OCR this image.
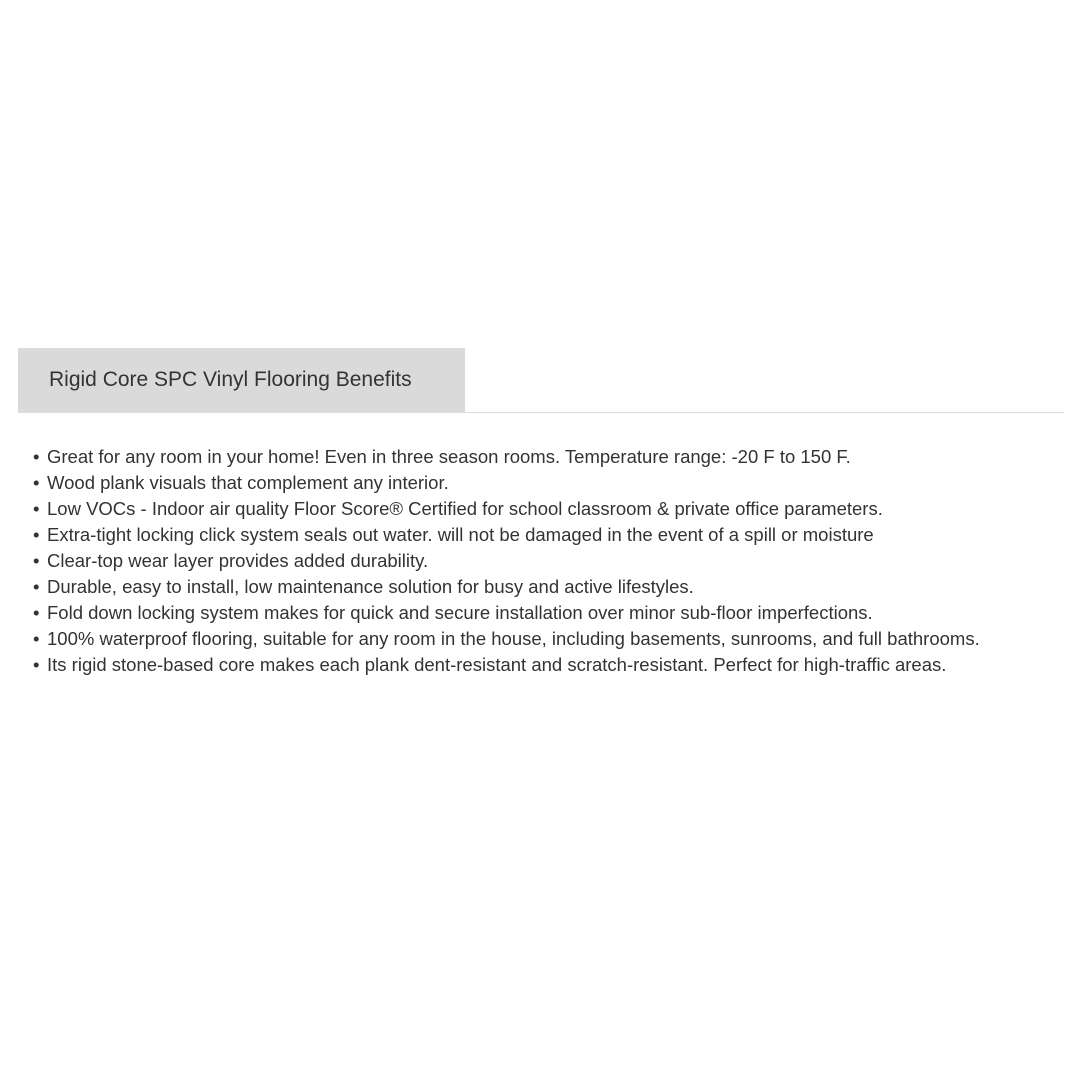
Rigid Core SPC Vinyl Flooring Benefits
• Great for any room in your home! Even in three season rooms. Temperature range: -20 F to 150 F.
• Wood plank visuals that complement any interior.
• Low VOCs - Indoor air quality Floor Score® Certified for school classroom & private office parameters.
• Extra-tight locking click system seals out water. will not be damaged in the event of a spill or moisture
• Clear-top wear layer provides added durability.
• Durable, easy to install, low maintenance solution for busy and active lifestyles.
• Fold down locking system makes for quick and secure installation over minor sub-floor imperfections.
• 100% waterproof flooring, suitable for any room in the house, including basements, sunrooms, and full bathrooms.
• Its rigid stone-based core makes each plank dent-resistant and scratch-resistant. Perfect for high-traffic areas.
